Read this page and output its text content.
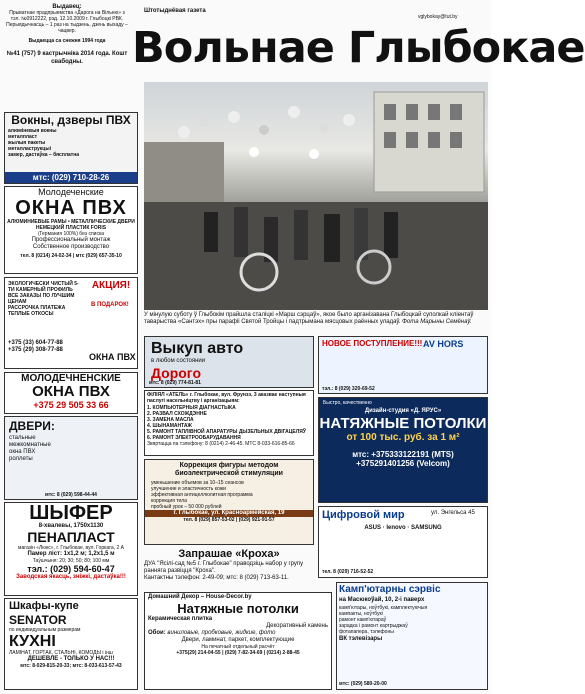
Выдавец:
Прыватнае прадпрыемства «Дарога на Вільню» з тэл. №0912222, рэд. 12.10.2009 г. Глыбоцкі РВК. Перыядычнасць – 1 раз на тыдзень, дзень выхаду – чацвер.
Выдаецца са снежня 1994 года
№41 (757) 9 кастрычніка 2014 года. Кошт свабодны.
Штотыднёвая газета
vglybokay@tut.by
Вольнае Глыбокае
У мінулую суботу ў Глыбокім прайшла сталіцкі «Марш сэрцаў», якое было арганізавана Глыбоцкай суполкай кліентаў таварыства «Сантэх» пры парафіі Святой Тройцы і падтрымана мясцовых раённых уладаў. Фота Марыны Семёнаў.
Вокны, дзверы ПВХ
алюміневыя вокны
металпласт
жылыя пакеты
металластрукцыі
замер, дастаўка – бясплатна
мтс: (029) 710-28-26
Молодеченские
ОКНА ПВХ
АЛЮМИНИЕВЫЕ РАМЫ • МЕТАЛЛИЧЕСКИЕ ДВЕРИ
НЕМЕЦКИЙ ПЛАСТИК FORIS
(Германия 100%) без списка
Профессиональный монтаж
Собственное производство
тел. 8 (0214) 24-02-34 | мтс (029) 657-35-10
АКЦИЯ!
ЭКОЛОГИЧЕСКИ ЧИСТЫЙ 5-ТИ КАМЕРНЫЙ ПРОФИЛЬ
ВСЕ ЗАКАЗЫ ПО ЛУЧШИМ ЦЕНАМ
РАССРОЧКА ПЛАТЕЖА
ТЕПЛЫЕ ОТКОСЫ
В ПОДАРОК!
+375 (33) 604-77-88
+375 (29) 308-77-88
ОКНА ПВХ
МОЛОДЕЧНЕНСКИЕ
ОКНА ПВХ
+375 29 505 33 66
ДВЕРИ:
стальные
межкомнатные
окна ПВХ
роллеты
мтс: 8 (029) 598-44-44
ШЫФЕР
8-хвалевы, 1750х1130
ПЕНАПЛАСТ
магазін «Люкс», г. Глыбокае, вул. Горкага, 2 А
Памер ліст: 1х1,2 м; 1,2х1,5 м
Таўшчыня: 20; 30; 50; 80; 100 мм
тэл.: (029) 594-60-47
Заводская якасць, зніжкі, дастаўка!!!
Шкафы-купе
SENATOR
по индивидуальным размерам
КУХНІ
ЛАМІНАТ, ГОРТАК, СТАЛЬНІ, КОМОДЫ і інш
ДЕШЕВЛЕ - ТОЛЬКО У НАС!!!
мтс: 8-029-815-20-33; мтс: 8-033-613-57-43
Выкуп авто
в любом состоянии
Дорого
мтс: 8 (029) 774-81-81
ФІЛІЯЛ «АТЕЛЬ» г. Глыбокае, вул. Фрунзэ, 3 аказвае наступныя паслугі насельніцтву і арганізацыям:
1. КОМПЬЮТЕРНЫЯ ДІАГНАСТЫКА
2. РАЗВАЛ СХОЖДЭННЕ
3. ЗАМЕНА МАСЛА
4. ШЫНАМАНТАЖ
5. РАМОНТ ТАПЛІВНОЙ АПАРАТУРЫ ДЫЗЕЛЬНЫХ ДВІГАЦЕЛЯЎ
6. РАМОНТ ЭЛЕКТРООБАРУДАВАННЯ
Звяртацца па тэлефону: 8 (0214) 2-46-45. МТС 8-033-616-85-66
Коррекция фигуры методом биоэлектрической стимуляции
уменьшение объемов за 10–15 сеансов
улучшение и эластичность кожи
эффективная антицеллюлитная программа
коррекция тела
пробный урок – 50 000 рублей
г. Глыбокае, ул. Красноармейская, 19
тел. 8 (029) 857-53-02 | (029) 921-91-57
Запрашае «Кроха»
ДУА "Ясілі-сад №5 г. Глыбокае" праводзіць набор у групу ранняга развіцця "Кроха".
Кантактны тэлефон: 2-49-09; мтс: 8 (029) 713-63-11.
Домашний Декор – House-Decor.by
Натяжные потолки
Керамическая плитка
Декоративный камень
Обои: виниловые, пробковые, жидкие, фото
Двери, ламинат, паркет, комплектующие
На печатный отдельный расчёт
+375(29) 214-04-55 | (029) 7-82-34-69 | (0214) 2-88-45
НОВОЕ ПОСТУПЛЕНИЕ!!! AV HORS
тэл.: 8 (029) 320-69-52
Быстро, качественно
Дизайн-студия «Д. ЯРУС»
НАТЯЖНЫЕ ПОТОЛКИ
от 100 тыс. руб. за 1 м²
мтс: +375333122191 (MTS)
+375291401256 (Velcom)
Цифровой мир	ул. Энгельса 45
ASUS · lenovo · SAMSUNG
тел. 8 (029) 716-52-52
Камп'ютарны сэрвіс
на Масюкоўай, 10, 2-і паверх
камп'ютары, ноўтбукі, камплектуючыя
кампакты, ноўтбукі
рамонт камп'ютараў
зарадка і рамонт картрыджаў
фотапапера, тэлефоны
ВК тэлевізары
мтс: (029) 580-20-00
